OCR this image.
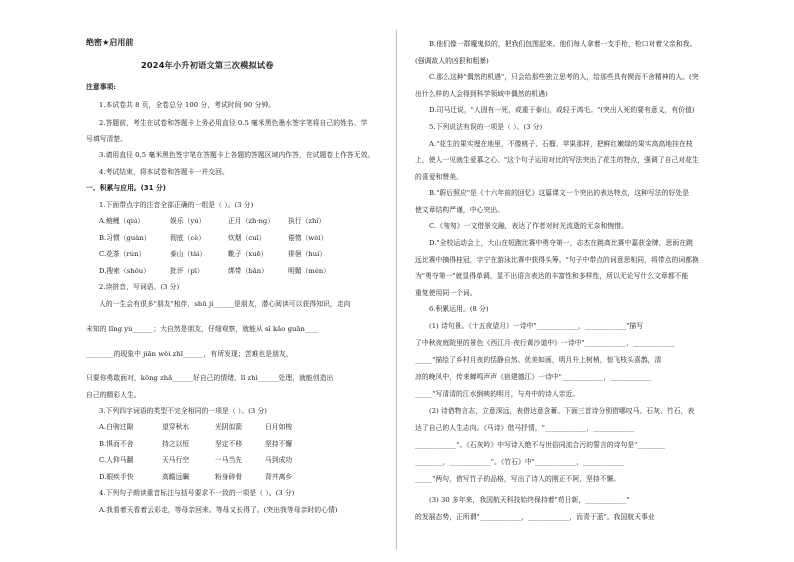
绝密★启用前
2024年小升初语文第三次模拟试卷
注意事项:
1.本试卷共 8 页，全卷总分 100 分，考试时间 90 分钟。
2.答题前，考生在试卷和答题卡上务必用直径 0.5 毫米黑色墨水签字笔将自己的姓名、学
号填写清楚。
3.请用直径 0.5 毫米黑色签字笔在答题卡上各题的答题区域内作答，在试题卷上作答无效。
4.考试结束，将本试卷和答题卡一并交回。
一、积累与应用。(31 分)
1.下面带点字的注音全部正确的一组是（ ）。(3 分)
A.鲢鲤（qiú）	娱乐（yú）	正月（zh·ng） 执行（zhí）
B.习惯（guàn）	彻底（cè）	炊烟（cuī）	倦惰（wèi）
C.花茶（rún）	泰山（tài）	靴子（xuē）	徘徊（huí）
D.搜索（shǒu）	批评（pī）	绑带（bǎn）	明媚（mèn）
2.读拼音，写词语。(3 分)
人的一生会有很多"朋友"相伴，shū jí______是朋友，潜心阅读可以获得知识，走向
未知的 lǐng yù______；大自然是朋友，仔细观察，就能从 sī kǎo guān____
________的现象中 jiān wěi zhī______，有所发现；苦难也是朋友，
只要你勇敢面对，kōng zhǎ______好自己的情绪，lǐ zhì______处理，就能创造出
自己的精彩人生。
3.下列四字词语的类型不完全相同的一项是（ ）。(3 分)
A.白驹过隙	望穿秋水	光阴似箭	日月如梭
B.惧而不舍	持之以恒	坚定不移	坚持不懈
C.人仰马翻	天马行空	一马当先	马到成功
D.眼疾手快	高瞻远瞩	粉身碎骨	背井离乡
4.下列句子朗读重音标注与括号要求不一致的一项是（ ）。(3 分)
A.我看着天看着云彩走，等母亲回来。等母又长得了。(突出我等母亲时的心情)
B.他们像一群魔鬼似的，把我们包围起来。他们每人拿着一支手枪，枪口对着父亲和我。
(强调敌人的凶狠和粗暴)
C.那么这种"偶然的机遇"，只会给那些独立思考的人，给那些具有锲而不舍精神的人。(突
出什么样的人会得到科学领域中偶然的机遇)
D.司马迁说，"人固有一死，或重于泰山，或轻于鸿毛。"(突出人死的要有意义，有价值)
5.下列说法有误的一项是（ ）。(3 分)
A."花生的果实埋在地里，不像桃子、石榴、苹果那样，把鲜红嫩绿的果实高高地挂在枝
上，使人一见就生爱慕之心。"这个句子运用对比的写法突出了花生的特点，强调了自己对花生
的喜爱和赞美。
B."蔚后照应"是《十六年前的回忆》这篇课文一个突出的表达特点，这种写法的好处是
使文章结构严谨，中心突出。
C.《匆匆》一文借景交融，表达了作者对时光流逝的无奈和惋惜。
D."全校运动会上，大山在短跑比赛中勇夺第一，志杰在跳高比赛中嘉获金牌，思雨在跳
远比赛中摘得桂冠，宇宁在游泳比赛中获得头筹。"句子中带点的词意思相同，将带点的词都换
为"勇夺第一"就显得单调，显不出语言表达的丰富性和多样性，所以无论写什么文章都不能
重复使用同一个词。
6.积累运用。(8 分)
(1) 诗句景。《十五夜望月》一诗中"____________，____________"描写
了中秋夜庭院里的景色《西江月·夜行黄沙道中》一诗中"____________，____________
_____"描绘了乡村月夜的恬静自然、优美如画，明月升上树梢，惊飞枝头喜鹊，清
凉的晚风中，传来蝉鸣声声《宿建德江》一诗中"____________，____________
_____"写清清的江水倒映的明月，与舟中的诗人亲近。
(2) 诗借物言志，立意深远，表借达意含蓄。下面三首诗分别借哪叹马、石灰、竹石，表
达了自己的人生志向。《马诗》借马抒情，"____________，____________
____________"。《石灰吟》中写诗人绝不与世俗同流合污的誓言的诗句是"________
________，____________"。《竹石》中"____________，____________
_____"两句，借写竹子的品格，写出了诗人的刚正不阿，坚持不懈。
(3) 30 多年来，我国航天科技始终保持着"苟日新，____________"
的发展态势，正所谓"____________，____________，而青于蓝"。我国航天事业
